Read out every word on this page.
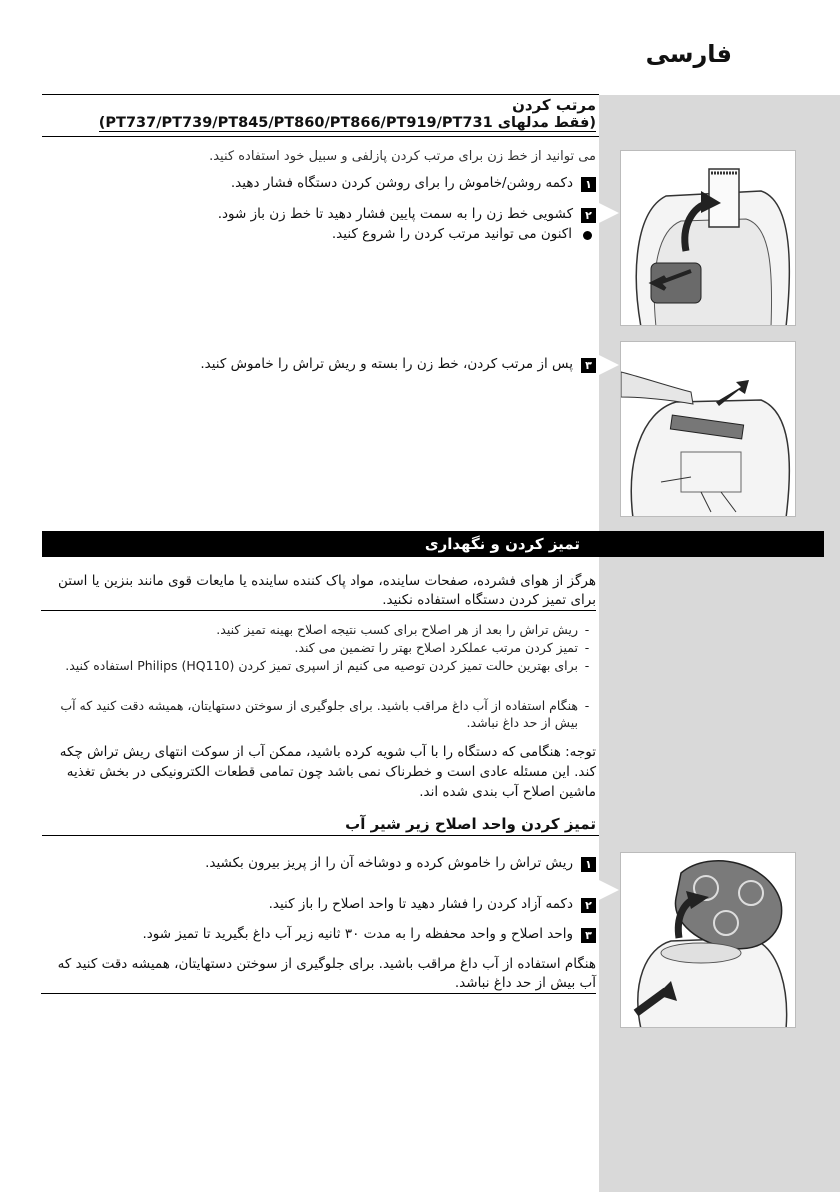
فارسی
مرتب کردن
(فقط مدلهای PT737/PT739/PT845/PT860/PT866/PT919/PT731)
می توانید از خط زن برای مرتب کردن پازلفی و سبیل خود استفاده کنید.
۱
دکمه روشن/خاموش را برای روشن کردن دستگاه فشار دهید.
۲
کشویی خط زن را به سمت پایین فشار دهید تا خط زن باز شود.
اکنون می توانید مرتب کردن را شروع کنید.
۳
پس از مرتب کردن، خط زن را بسته و ریش تراش را خاموش کنید.
تمیز کردن و نگهداری
هرگز از هوای فشرده، صفحات ساینده، مواد پاک کننده ساینده یا مایعات قوی مانند بنزین یا استن برای تمیز کردن دستگاه استفاده نکنید.
-
ریش تراش را بعد از هر اصلاح برای کسب نتیجه اصلاح بهینه تمیز کنید.
-
تمیز کردن مرتب عملکرد اصلاح بهتر را تضمین می کند.
-
برای بهترین حالت تمیز کردن توصیه می کنیم از اسپری تمیز کردن Philips (HQ110) استفاده کنید.
-
هنگام استفاده از آب داغ مراقب باشید. برای جلوگیری از سوختن دستهایتان، همیشه دقت کنید که آب بیش از حد داغ نباشد.
توجه: هنگامی که دستگاه را با آب شویه کرده باشید، ممکن آب از سوکت انتهای ریش تراش چکه کند. این مسئله عادی است و خطرناک نمی باشد چون تمامی قطعات الکترونیکی در بخش تغذیه ماشین اصلاح آب بندی شده اند.
تمیز کردن واحد اصلاح زیر شیر آب
۱
ریش تراش را خاموش کرده و دوشاخه آن را از پریز بیرون بکشید.
۲
دکمه آزاد کردن را فشار دهید تا واحد اصلاح را باز کنید.
۳
واحد اصلاح و واحد محفظه را به مدت ۳۰ ثانیه زیر آب داغ بگیرید تا تمیز شود.
هنگام استفاده از آب داغ مراقب باشید. برای جلوگیری از سوختن دستهایتان، همیشه دقت کنید که آب بیش از حد داغ نباشد.
